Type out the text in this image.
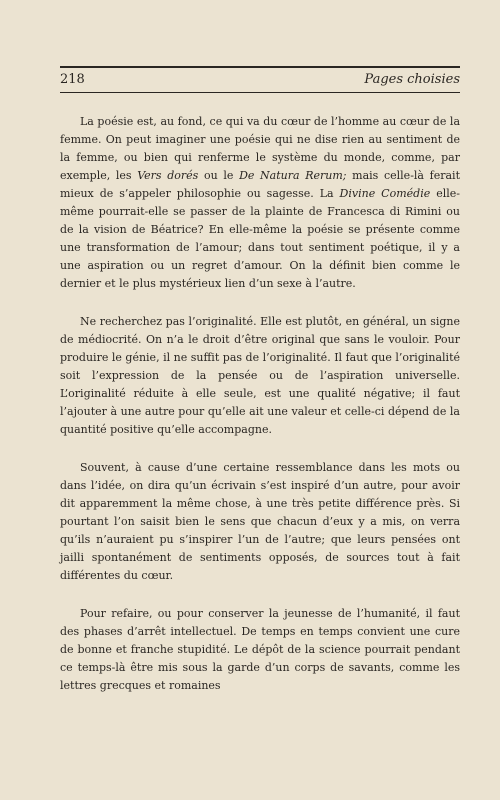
218	Pages choisies

La poésie est, au fond, ce qui va du cœur de l’homme au cœur de la femme. On peut imaginer une poésie qui ne dise rien au sentiment de la femme, ou bien qui renferme le système du monde, comme, par exemple, les Vers dorés ou le De Natura Rerum; mais celle-là ferait mieux de s’appeler philosophie ou sagesse. La Divine Comédie elle-même pourrait-elle se passer de la plainte de Francesca di Rimini ou de la vision de Béatrice? En elle-même la poésie se présente comme une transformation de l’amour; dans tout sentiment poétique, il y a une aspiration ou un regret d’amour. On la définit bien comme le dernier et le plus mystérieux lien d’un sexe à l’autre.

Ne recherchez pas l’originalité. Elle est plutôt, en général, un signe de médiocrité. On n’a le droit d’être original que sans le vouloir. Pour produire le génie, il ne suffit pas de l’originalité. Il faut que l’originalité soit l’expression de la pensée ou de l’aspiration universelle. L’originalité réduite à elle seule, est une qualité négative; il faut l’ajouter à une autre pour qu’elle ait une valeur et celle-ci dépend de la quantité positive qu’elle accompagne.

Souvent, à cause d’une certaine ressemblance dans les mots ou dans l’idée, on dira qu’un écrivain s’est inspiré d’un autre, pour avoir dit apparemment la même chose, à une très petite différence près. Si pourtant l’on saisit bien le sens que chacun d’eux y a mis, on verra qu’ils n’auraient pu s’inspirer l’un de l’autre; que leurs pensées ont jailli spontanément de sentiments opposés, de sources tout à fait différentes du cœur.

Pour refaire, ou pour conserver la jeunesse de l’humanité, il faut des phases d’arrêt intellectuel. De temps en temps convient une cure de bonne et franche stupidité. Le dépôt de la science pourrait pendant ce temps-là être mis sous la garde d’un corps de savants, comme les lettres grecques et romaines
